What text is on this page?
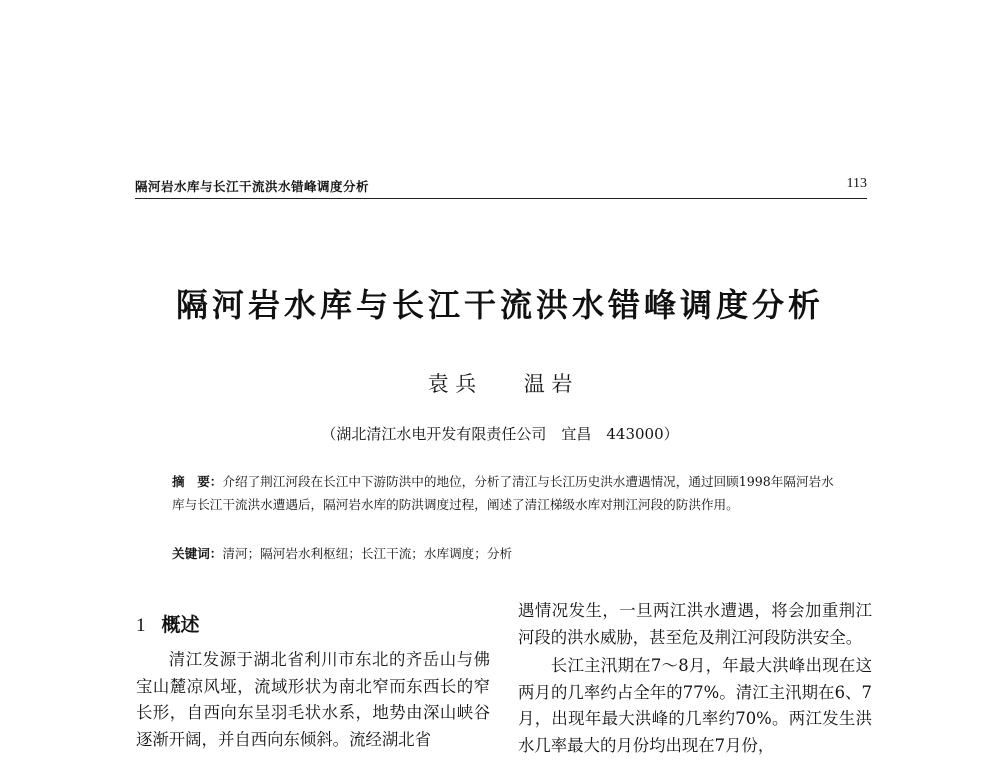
隔河岩水库与长江干流洪水错峰调度分析	113
隔河岩水库与长江干流洪水错峰调度分析
袁 兵 温 岩
（湖北清江水电开发有限责任公司　宜昌　443000）
摘　要：介绍了荆江河段在长江中下游防洪中的地位，分析了清江与长江历史洪水遭遇情况，通过回顾1998年隔河岩水库与长江干流洪水遭遇后，隔河岩水库的防洪调度过程，阐述了清江梯级水库对荆江河段的防洪作用。
关键词：清河；隔河岩水利枢纽；长江干流；水库调度；分析
1 概述

清江发源于湖北省利川市东北的齐岳山与佛宝山麓凉风垭，流域形状为南北窄而东西长的窄长形，自西向东呈羽毛状水系，地势由深山峡谷逐渐开阔，并自西向东倾斜。流经湖北省

遇情况发生，一旦两江洪水遭遇，将会加重荆江河段的洪水威胁，甚至危及荆江河段防洪安全。

长江主汛期在7～8月，年最大洪峰出现在这两月的几率约占全年的77%。清江主汛期在6、7月，出现年最大洪峰的几率约70%。两江发生洪水几率最大的月份均出现在7月份，
